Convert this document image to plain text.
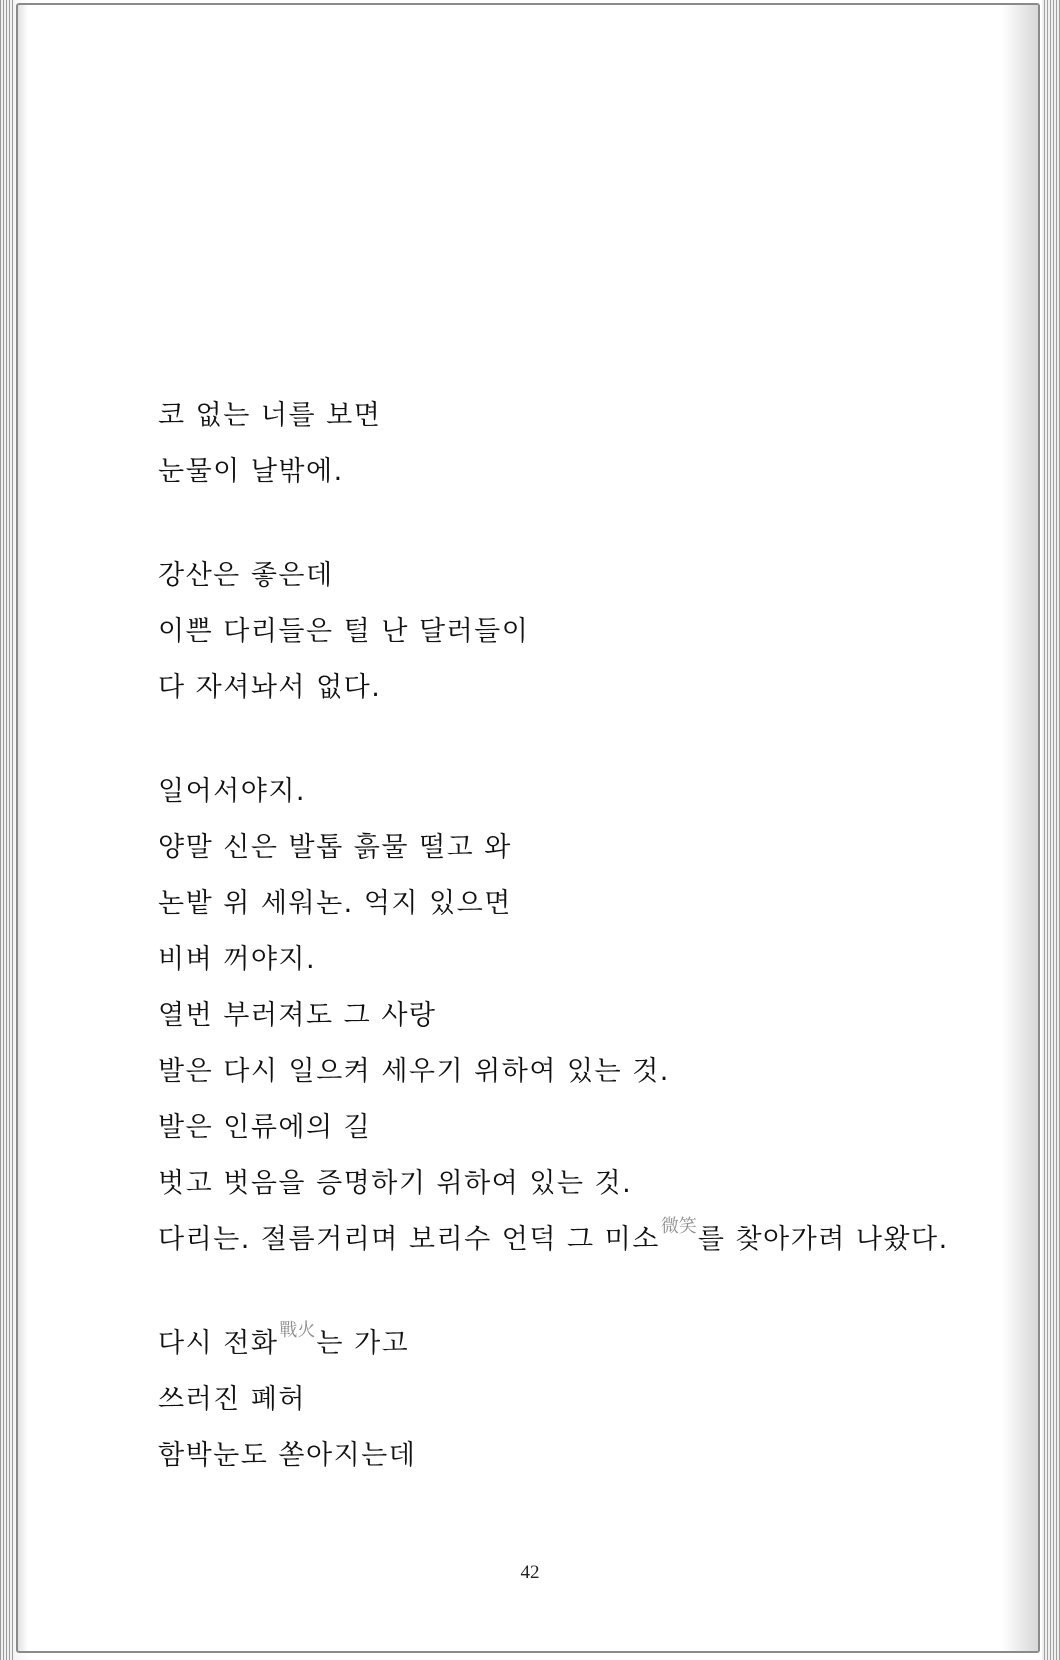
코 없는 너를 보면
눈물이 날밖에.
강산은 좋은데
이쁜 다리들은 털 난 달러들이
다 자셔놔서 없다.
일어서야지.
양말 신은 발톱 흙물 떨고 와
논밭 위 세워논. 억지 있으면
비벼 꺼야지.
열번 부러져도 그 사랑
발은 다시 일으켜 세우기 위하여 있는 것.
발은 인류에의 길
벗고 벗음을 증명하기 위하여 있는 것.
다리는. 절름거리며 보리수 언덕 그 미소微笑를 찾아가려 나왔다.
다시 전화戰火는 가고
쓰러진 폐허
함박눈도 쏟아지는데
42
